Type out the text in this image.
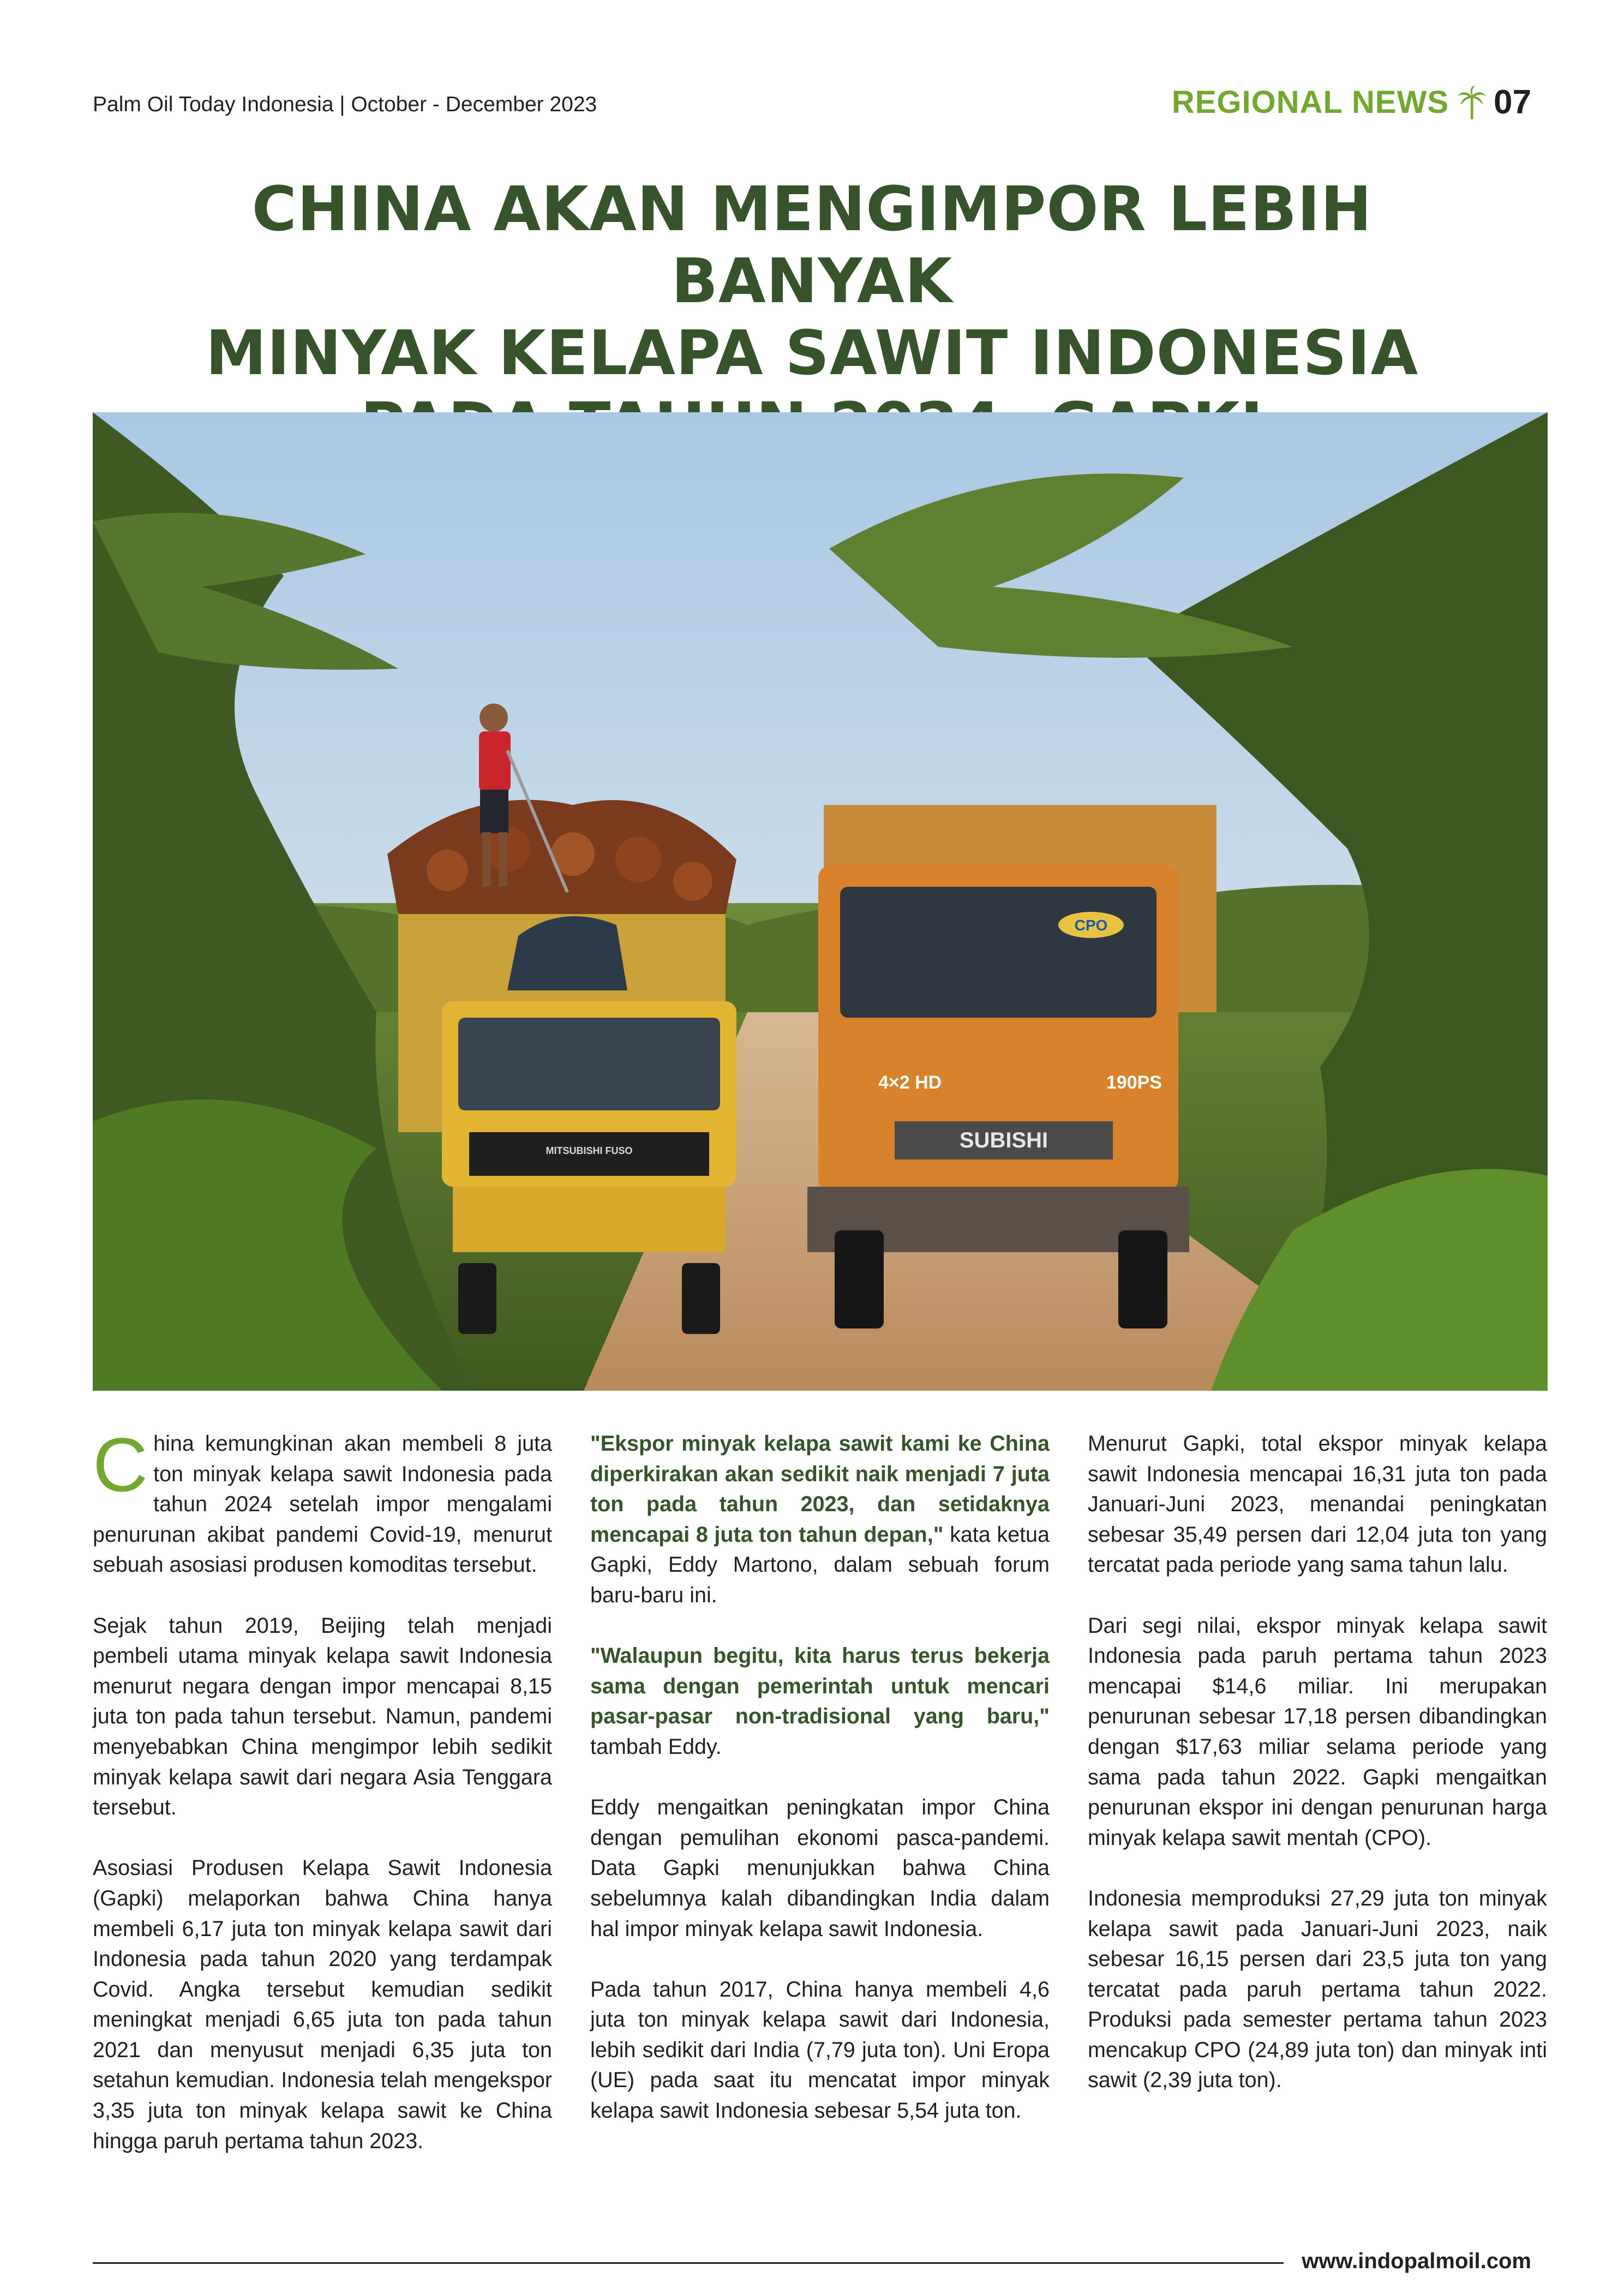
Palm Oil Today Indonesia | October - December 2023	REGIONAL NEWS 07
CHINA AKAN MENGIMPOR LEBIH BANYAK
MINYAK KELAPA SAWIT INDONESIA

MITSUBISHI FUSO
CPO
4×2 HD	190PS
SUBISHI

China kemungkinan akan membeli 8 juta ton minyak kelapa sawit Indonesia pada tahun 2024 setelah impor mengalami penurunan akibat pandemi Covid-19, menurut sebuah asosiasi produsen komoditas tersebut.

Sejak tahun 2019, Beijing telah menjadi pembeli utama minyak kelapa sawit Indonesia menurut negara dengan impor mencapai 8,15 juta ton pada tahun tersebut. Namun, pandemi menyebabkan China mengimpor lebih sedikit minyak kelapa sawit dari negara Asia Tenggara tersebut.

Asosiasi Produsen Kelapa Sawit Indonesia (Gapki) melaporkan bahwa China hanya membeli 6,17 juta ton minyak kelapa sawit dari Indonesia pada tahun 2020 yang terdampak Covid. Angka tersebut kemudian sedikit meningkat menjadi 6,65 juta ton pada tahun 2021 dan menyusut menjadi 6,35 juta ton setahun kemudian. Indonesia telah mengekspor 3,35 juta ton minyak kelapa sawit ke China hingga paruh pertama tahun 2023.

"Ekspor minyak kelapa sawit kami ke China diperkirakan akan sedikit naik menjadi 7 juta ton pada tahun 2023, dan setidaknya mencapai 8 juta ton tahun depan," kata ketua Gapki, Eddy Martono, dalam sebuah forum baru-baru ini.

"Walaupun begitu, kita harus terus bekerja sama dengan pemerintah untuk mencari pasar-pasar non-tradisional yang baru," tambah Eddy.

Eddy mengaitkan peningkatan impor China dengan pemulihan ekonomi pasca-pandemi. Data Gapki menunjukkan bahwa China sebelumnya kalah dibandingkan India dalam hal impor minyak kelapa sawit Indonesia.

Pada tahun 2017, China hanya membeli 4,6 juta ton minyak kelapa sawit dari Indonesia, lebih sedikit dari India (7,79 juta ton). Uni Eropa (UE) pada saat itu mencatat impor minyak kelapa sawit Indonesia sebesar 5,54 juta ton.

Menurut Gapki, total ekspor minyak kelapa sawit Indonesia mencapai 16,31 juta ton pada Januari-Juni 2023, menandai peningkatan sebesar 35,49 persen dari 12,04 juta ton yang tercatat pada periode yang sama tahun lalu.

Dari segi nilai, ekspor minyak kelapa sawit Indonesia pada paruh pertama tahun 2023 mencapai $14,6 miliar. Ini merupakan penurunan sebesar 17,18 persen dibandingkan dengan $17,63 miliar selama periode yang sama pada tahun 2022. Gapki mengaitkan penurunan ekspor ini dengan penurunan harga minyak kelapa sawit mentah (CPO).

Indonesia memproduksi 27,29 juta ton minyak kelapa sawit pada Januari-Juni 2023, naik sebesar 16,15 persen dari 23,5 juta ton yang tercatat pada paruh pertama tahun 2022. Produksi pada semester pertama tahun 2023 mencakup CPO (24,89 juta ton) dan minyak inti sawit (2,39 juta ton).

www.indopalmoil.com
